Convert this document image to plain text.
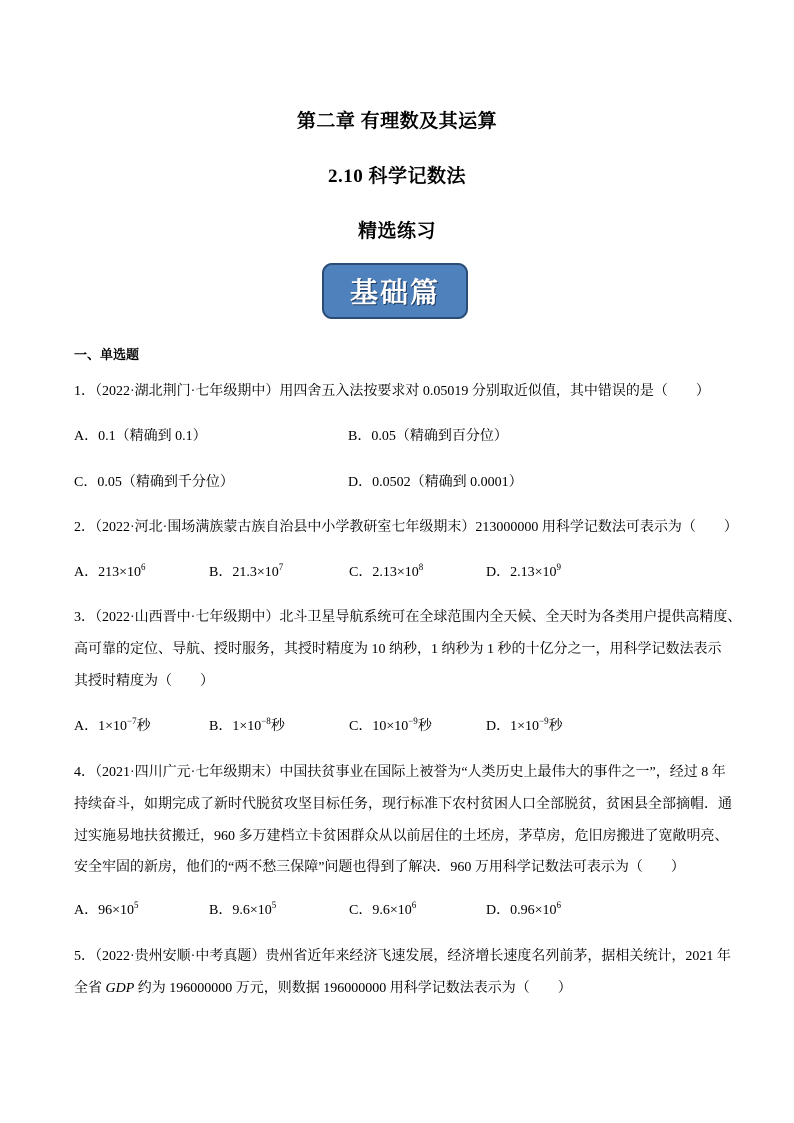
第二章 有理数及其运算
2.10 科学记数法
精选练习
基础篇
一、单选题
1．（2022·湖北荆门·七年级期中）用四舍五入法按要求对 0.05019 分别取近似值，其中错误的是（　　）
A．0.1（精确到 0.1）	B．0.05（精确到百分位）
C．0.05（精确到千分位）	D．0.0502（精确到 0.0001）
2．（2022·河北·围场满族蒙古族自治县中小学教研室七年级期末）213000000 用科学记数法可表示为（　　）
A．$213\times 10^6$	B．$21.3\times 10^7$	C．$2.13\times 10^8$	D．$2.13\times 10^9$
3．（2022·山西晋中·七年级期中）北斗卫星导航系统可在全球范围内全天候、全天时为各类用户提供高精度、
高可靠的定位、导航、授时服务，其授时精度为 10 纳秒，1 纳秒为 1 秒的十亿分之一，用科学记数法表示
其授时精度为（　　）
A．$1\times 10^{-7}$秒	B．$1\times 10^{-8}$秒	C．$10\times 10^{-9}$秒	D．$1\times 10^{-9}$秒
4．（2021·四川广元·七年级期末）中国扶贫事业在国际上被誉为“人类历史上最伟大的事件之一”，经过 8 年
持续奋斗，如期完成了新时代脱贫攻坚目标任务，现行标准下农村贫困人口全部脱贫，贫困县全部摘帽．通
过实施易地扶贫搬迁，960 多万建档立卡贫困群众从以前居住的土坯房，茅草房，危旧房搬进了宽敞明亮、
安全牢固的新房，他们的“两不愁三保障”问题也得到了解决．960 万用科学记数法可表示为（　　）
A．$96\times 10^5$	B．$9.6\times 10^5$	C．$9.6\times 10^6$	D．$0.96\times 10^6$
5．（2022·贵州安顺·中考真题）贵州省近年来经济飞速发展，经济增长速度名列前茅，据相关统计，2021 年
全省 GDP 约为 196000000 万元，则数据 196000000 用科学记数法表示为（　　）
